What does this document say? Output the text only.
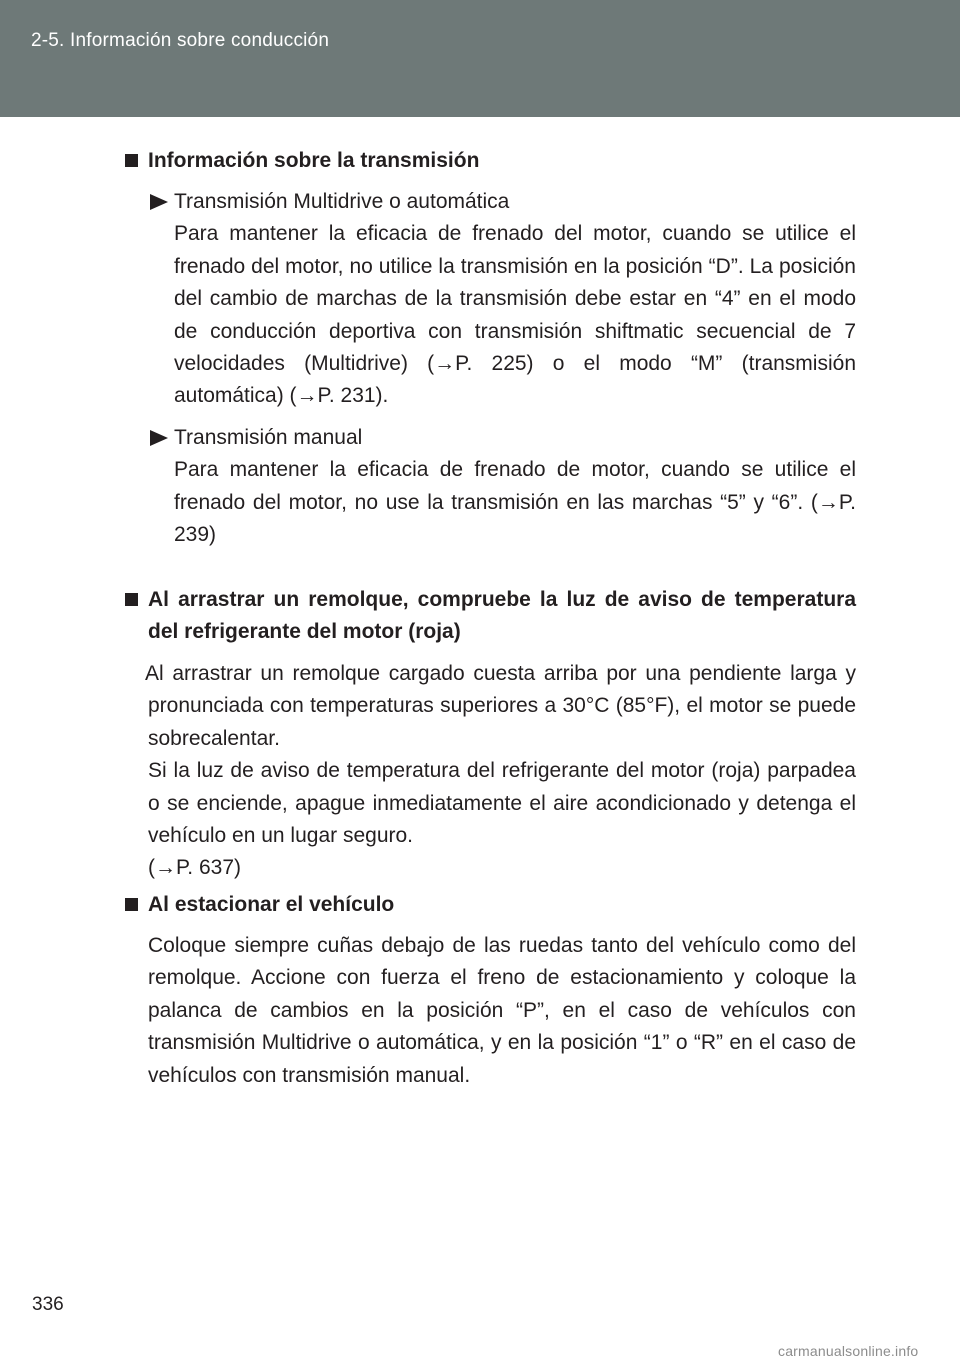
2-5. Información sobre conducción
Información sobre la transmisión
Transmisión Multidrive o automática
Para mantener la eficacia de frenado del motor, cuando se utilice el frenado del motor, no utilice la transmisión en la posición “D”. La posición del cambio de marchas de la transmisión debe estar en “4” en el modo de conducción deportiva con transmisión shiftmatic secuencial de 7 velocidades (Multidrive) (→P. 225) o el modo “M” (transmisión automática) (→P. 231).
Transmisión manual
Para mantener la eficacia de frenado de motor, cuando se utilice el frenado del motor, no use la transmisión en las marchas “5” y “6”. (→P. 239)
Al arrastrar un remolque, compruebe la luz de aviso de temperatura del refrigerante del motor (roja)
Al arrastrar un remolque cargado cuesta arriba por una pendiente larga y pronunciada con temperaturas superiores a 30°C (85°F), el motor se puede sobrecalentar.
Si la luz de aviso de temperatura del refrigerante del motor (roja) parpadea o se enciende, apague inmediatamente el aire acondicionado y detenga el vehículo en un lugar seguro.
(→P. 637)
Al estacionar el vehículo
Coloque siempre cuñas debajo de las ruedas tanto del vehículo como del remolque. Accione con fuerza el freno de estacionamiento y coloque la palanca de cambios en la posición “P”, en el caso de vehículos con transmisión Multidrive o automática, y en la posición “1” o “R” en el caso de vehículos con transmisión manual.
336
carmanualsonline.info
